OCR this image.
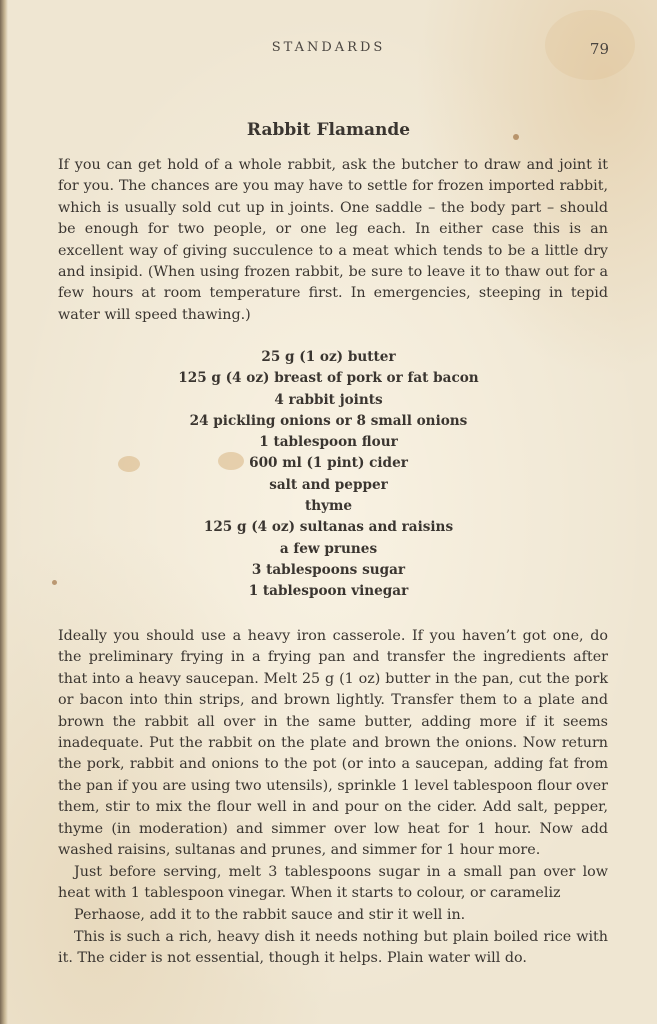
STANDARDS	79
Rabbit Flamande

If you can get hold of a whole rabbit, ask the butcher to draw and joint it for you. The chances are you may have to settle for frozen imported rabbit, which is usually sold cut up in joints. One saddle – the body part – should be enough for two people, or one leg each. In either case this is an excellent way of giving succulence to a meat which tends to be a little dry and insipid. (When using frozen rabbit, be sure to leave it to thaw out for a few hours at room temperature first. In emergencies, steeping in tepid water will speed thawing.)

25 g (1 oz) butter
125 g (4 oz) breast of pork or fat bacon
4 rabbit joints
24 pickling onions or 8 small onions
1 tablespoon flour
600 ml (1 pint) cider
salt and pepper
thyme
125 g (4 oz) sultanas and raisins
a few prunes
3 tablespoons sugar
1 tablespoon vinegar

Ideally you should use a heavy iron casserole. If you haven’t got one, do the preliminary frying in a frying pan and transfer the ingredients after that into a heavy saucepan. Melt 25 g (1 oz) butter in the pan, cut the pork or bacon into thin strips, and brown lightly. Transfer them to a plate and brown the rabbit all over in the same butter, adding more if it seems inadequate. Put the rabbit on the plate and brown the onions. Now return the pork, rabbit and onions to the pot (or into a saucepan, adding fat from the pan if you are using two utensils), sprinkle 1 level tablespoon flour over them, stir to mix the flour well in and pour on the cider. Add salt, pepper, thyme (in moderation) and simmer over low heat for 1 hour. Now add washed raisins, sultanas and prunes, and simmer for 1 hour more.

Just before serving, melt 3 tablespoons sugar in a small pan over low heat with 1 tablespoon vinegar. When it starts to colour, or carameliz

Perhaose, add it to the rabbit sauce and stir it well in.

This is such a rich, heavy dish it needs nothing but plain boiled rice with it. The cider is not essential, though it helps. Plain water will do.
